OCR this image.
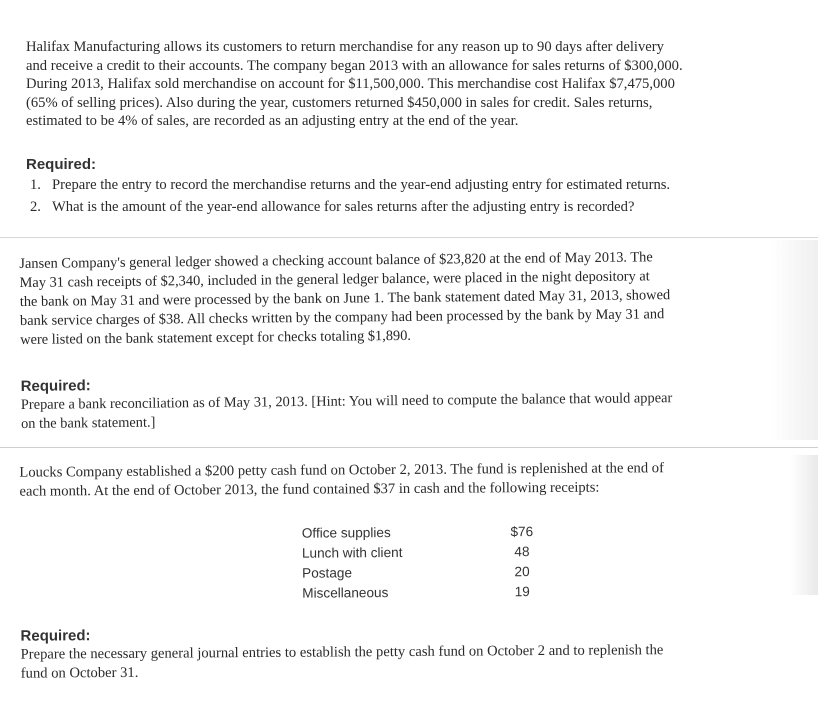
Halifax Manufacturing allows its customers to return merchandise for any reason up to 90 days after delivery
and receive a credit to their accounts. The company began 2013 with an allowance for sales returns of $300,000.
During 2013, Halifax sold merchandise on account for $11,500,000. This merchandise cost Halifax $7,475,000
(65% of selling prices). Also during the year, customers returned $450,000 in sales for credit. Sales returns,
estimated to be 4% of sales, are recorded as an adjusting entry at the end of the year.

Required:

1. Prepare the entry to record the merchandise returns and the year-end adjusting entry for estimated returns.
2. What is the amount of the year-end allowance for sales returns after the adjusting entry is recorded?

Jansen Company's general ledger showed a checking account balance of $23,820 at the end of May 2013. The
May 31 cash receipts of $2,340, included in the general ledger balance, were placed in the night depository at
the bank on May 31 and were processed by the bank on June 1. The bank statement dated May 31, 2013, showed
bank service charges of $38. All checks written by the company had been processed by the bank by May 31 and
were listed on the bank statement except for checks totaling $1,890.

Required:

Prepare a bank reconciliation as of May 31, 2013. [Hint: You will need to compute the balance that would appear
on the bank statement.]

Loucks Company established a $200 petty cash fund on October 2, 2013. The fund is replenished at the end of
each month. At the end of October 2013, the fund contained $37 in cash and the following receipts:

Office supplies	$76
Lunch with client	48
Postage	20
Miscellaneous	19

Required:

Prepare the necessary general journal entries to establish the petty cash fund on October 2 and to replenish the
fund on October 31.
